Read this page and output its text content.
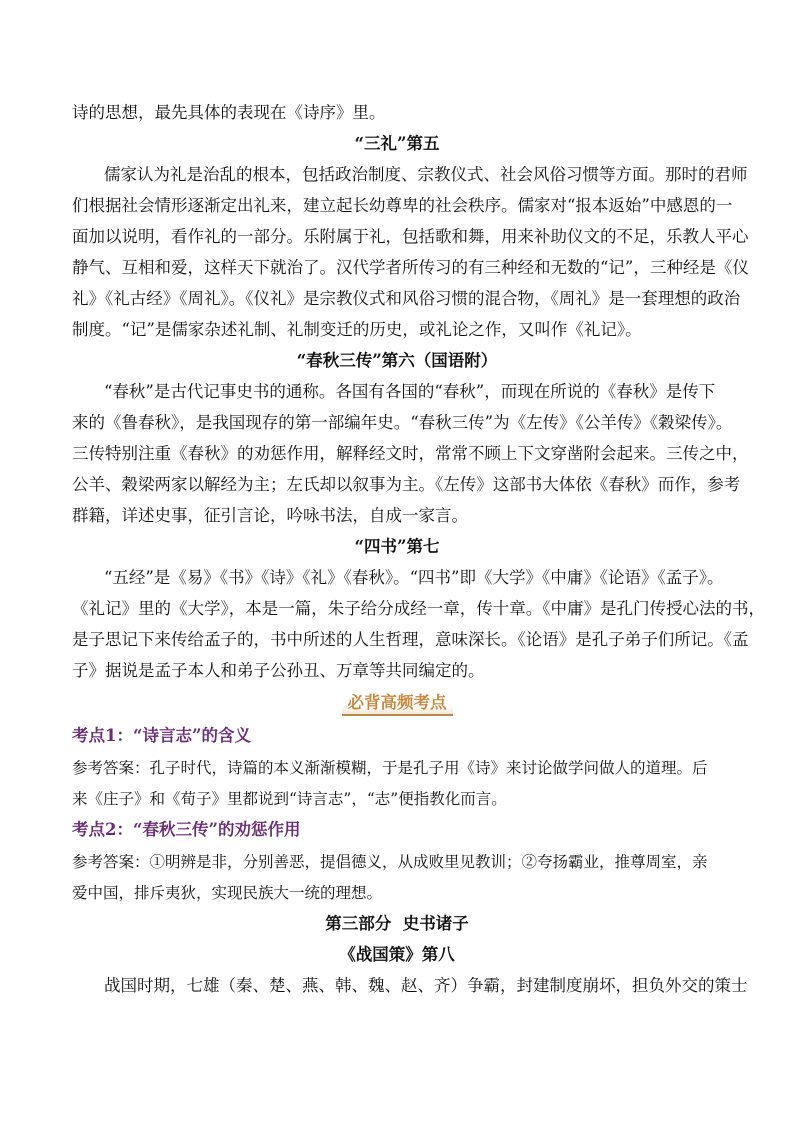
诗的思想，最先具体的表现在《诗序》里。
“三礼”第五
儒家认为礼是治乱的根本，包括政治制度、宗教仪式、社会风俗习惯等方面。那时的君师
们根据社会情形逐渐定出礼来，建立起长幼尊卑的社会秩序。儒家对“报本返始”中感恩的一
面加以说明，看作礼的一部分。乐附属于礼，包括歌和舞，用来补助仪文的不足，乐教人平心
静气、互相和爱，这样天下就治了。汉代学者所传习的有三种经和无数的“记”，三种经是《仪
礼》《礼古经》《周礼》。《仪礼》是宗教仪式和风俗习惯的混合物，《周礼》是一套理想的政治
制度。“记”是儒家杂述礼制、礼制变迁的历史，或礼论之作，又叫作《礼记》。
“春秋三传”第六（国语附）
“春秋”是古代记事史书的通称。各国有各国的“春秋”，而现在所说的《春秋》是传下
来的《鲁春秋》，是我国现存的第一部编年史。“春秋三传”为《左传》《公羊传》《穀梁传》。
三传特别注重《春秋》的劝惩作用，解释经文时，常常不顾上下文穿凿附会起来。三传之中，
公羊、穀梁两家以解经为主；左氏却以叙事为主。《左传》这部书大体依《春秋》而作，参考
群籍，详述史事，征引言论，吟咏书法，自成一家言。
“四书”第七
“五经”是《易》《书》《诗》《礼》《春秋》。“四书”即《大学》《中庸》《论语》《孟子》。
《礼记》里的《大学》，本是一篇，朱子给分成经一章，传十章。《中庸》是孔门传授心法的书，
是子思记下来传给孟子的，书中所述的人生哲理，意味深长。《论语》是孔子弟子们所记。《孟
子》据说是孟子本人和弟子公孙丑、万章等共同编定的。
必背高频考点
考点1：“诗言志”的含义
参考答案：孔子时代，诗篇的本义渐渐模糊，于是孔子用《诗》来讨论做学问做人的道理。后
来《庄子》和《荀子》里都说到“诗言志”，“志”便指教化而言。
考点2：“春秋三传”的劝惩作用
参考答案：①明辨是非，分别善恶，提倡德义，从成败里见教训；②夸扬霸业，推尊周室，亲
爱中国，排斥夷狄，实现民族大一统的理想。
第三部分  史书诸子
《战国策》第八
战国时期，七雄（秦、楚、燕、韩、魏、赵、齐）争霸，封建制度崩坏，担负外交的策士
